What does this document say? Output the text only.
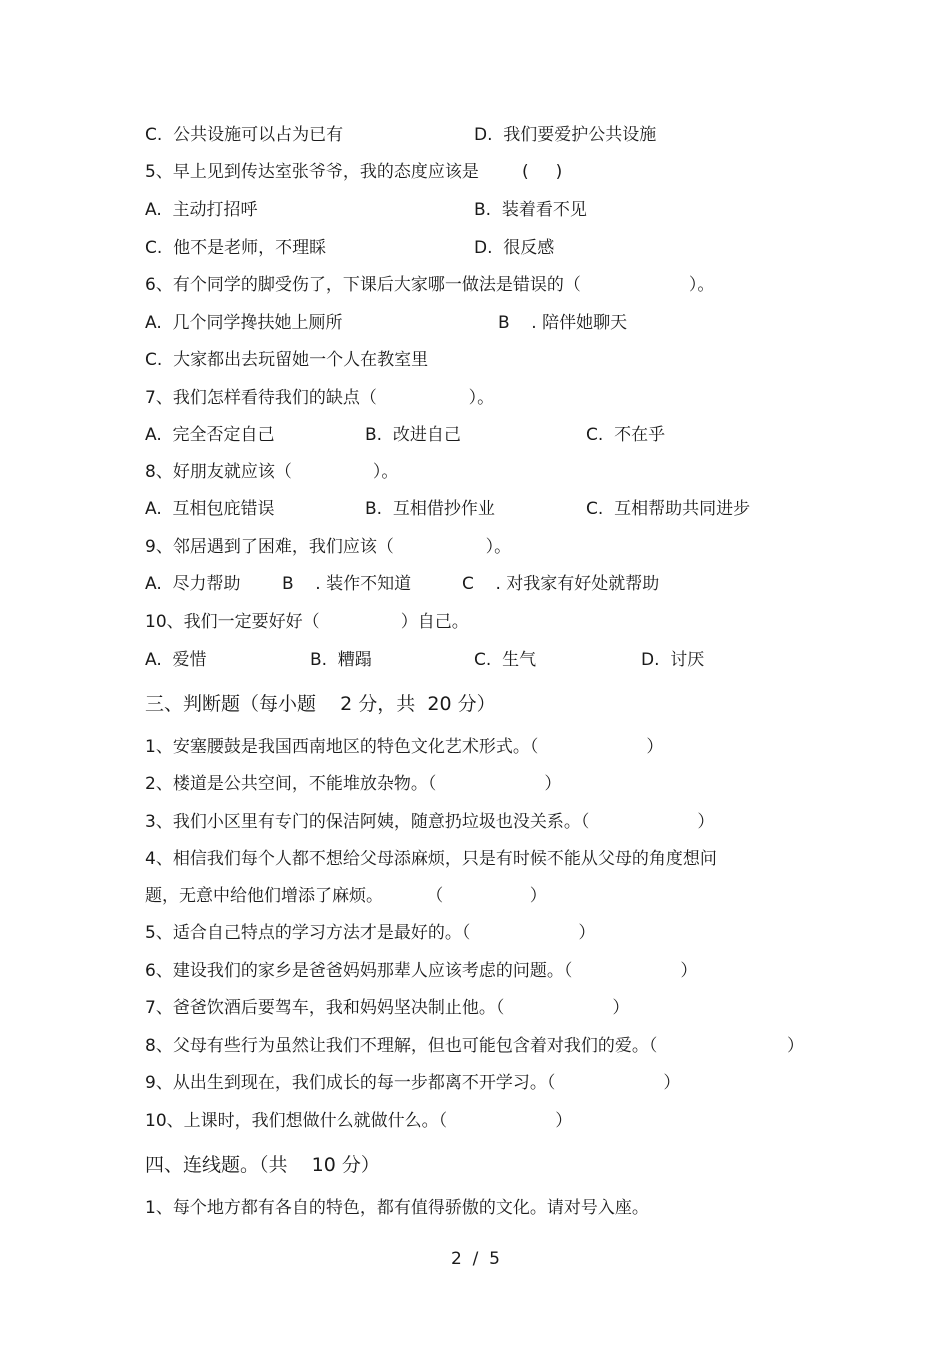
C.  公共设施可以占为已有	D.  我们要爱护公共设施
5、早上见到传达室张爷爷，我的态度应该是	(     )
A.  主动打招呼	B.  装着看不见
C.  他不是老师，不理睬	D.  很反感
6、有个同学的脚受伤了，下课后大家哪一做法是错误的（                    ）。
A.  几个同学搀扶她上厕所	B    . 陪伴她聊天
C.  大家都出去玩留她一个人在教室里
7、我们怎样看待我们的缺点（                 ）。
A.  完全否定自己	B.  改进自己	C.  不在乎
8、好朋友就应该（               ）。
A.  互相包庇错误	B.  互相借抄作业	C.  互相帮助共同进步
9、邻居遇到了困难，我们应该（                 ）。
A.  尽力帮助 B    . 装作不知道	C    . 对我家有好处就帮助
10、我们一定要好好（               ）自己。
A.  爱惜	B.  糟蹋	C.  生气	D.  讨厌
三、判断题（每小题    2 分，共  20 分）
1、安塞腰鼓是我国西南地区的特色文化艺术形式。（                    ）
2、楼道是公共空间，不能堆放杂物。（                    ）
3、我们小区里有专门的保洁阿姨，随意扔垃圾也没关系。（                    ）
4、相信我们每个人都不想给父母添麻烦，只是有时候不能从父母的角度想问
题，无意中给他们增添了麻烦。        （                ）
5、适合自己特点的学习方法才是最好的。（                    ）
6、建设我们的家乡是爸爸妈妈那辈人应该考虑的问题。（                    ）
7、爸爸饮酒后要驾车，我和妈妈坚决制止他。（                    ）
8、父母有些行为虽然让我们不理解，但也可能包含着对我们的爱。（                        ）
9、从出生到现在，我们成长的每一步都离不开学习。（                    ）
10、上课时，我们想做什么就做什么。（                    ）
四、连线题。（共    10 分）
1、每个地方都有各自的特色，都有值得骄傲的文化。请对号入座。
2  /  5
